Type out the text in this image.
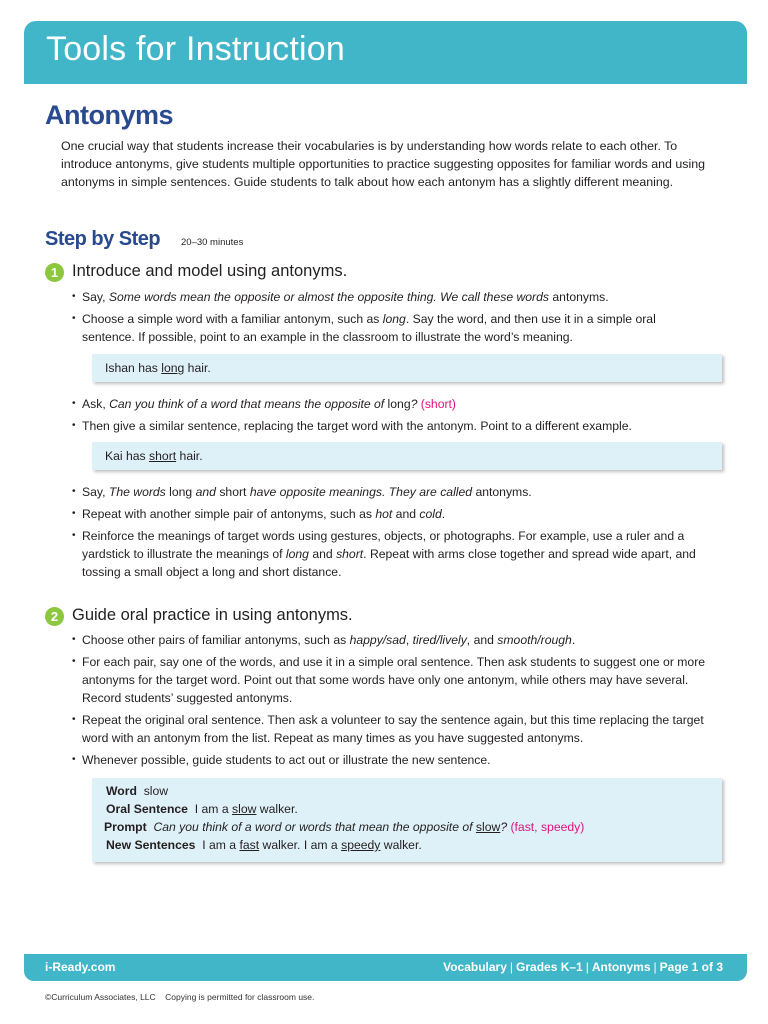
Tools for Instruction
Antonyms
One crucial way that students increase their vocabularies is by understanding how words relate to each other. To introduce antonyms, give students multiple opportunities to practice suggesting opposites for familiar words and using antonyms in simple sentences. Guide students to talk about how each antonym has a slightly different meaning.
Step by Step 20–30 minutes
1 Introduce and model using antonyms.
• Say, Some words mean the opposite or almost the opposite thing. We call these words antonyms.
• Choose a simple word with a familiar antonym, such as long. Say the word, and then use it in a simple oral sentence. If possible, point to an example in the classroom to illustrate the word’s meaning.
Ishan has long hair.
• Ask, Can you think of a word that means the opposite of long? (short)
• Then give a similar sentence, replacing the target word with the antonym. Point to a different example.
Kai has short hair.
• Say, The words long and short have opposite meanings. They are called antonyms.
• Repeat with another simple pair of antonyms, such as hot and cold.
• Reinforce the meanings of target words using gestures, objects, or photographs. For example, use a ruler and a yardstick to illustrate the meanings of long and short. Repeat with arms close together and spread wide apart, and tossing a small object a long and short distance.
2 Guide oral practice in using antonyms.
• Choose other pairs of familiar antonyms, such as happy/sad, tired/lively, and smooth/rough.
• For each pair, say one of the words, and use it in a simple oral sentence. Then ask students to suggest one or more antonyms for the target word. Point out that some words have only one antonym, while others may have several. Record students’ suggested antonyms.
• Repeat the original oral sentence. Then ask a volunteer to say the sentence again, but this time replacing the target word with an antonym from the list. Repeat as many times as you have suggested antonyms.
• Whenever possible, guide students to act out or illustrate the new sentence.
Word slow
Oral Sentence I am a slow walker.
Prompt Can you think of a word or words that mean the opposite of slow? (fast, speedy)
New Sentences I am a fast walker. I am a speedy walker.
i-Ready.com	Vocabulary | Grades K–1 | Antonyms | Page 1 of 3
©Curriculum Associates, LLC    Copying is permitted for classroom use.
